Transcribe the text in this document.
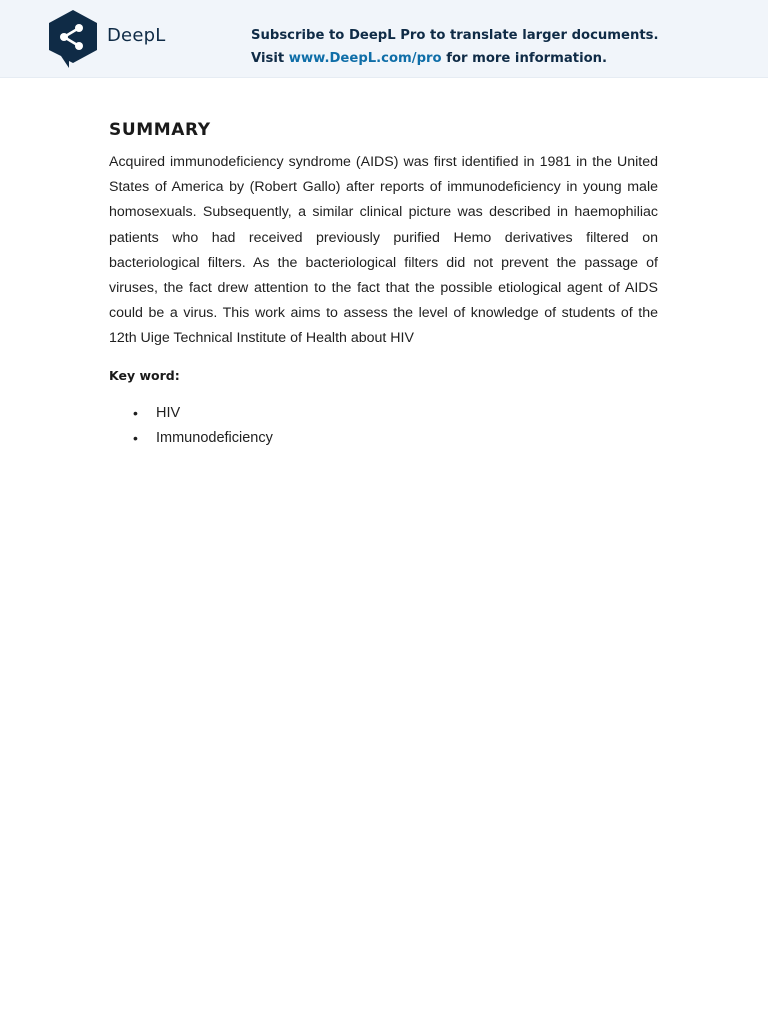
DeepL	Subscribe to DeepL Pro to translate larger documents.
Visit www.DeepL.com/pro for more information.
SUMMARY

Acquired immunodeficiency syndrome (AIDS) was first identified in 1981 in the United States of America by (Robert Gallo) after reports of immunodeficiency in young male homosexuals. Subsequently, a similar clinical picture was described in haemophiliac patients who had received previously purified Hemo derivatives filtered on bacteriological filters. As the bacteriological filters did not prevent the passage of viruses, the fact drew attention to the fact that the possible etiological agent of AIDS could be a virus. This work aims to assess the level of knowledge of students of the 12th Uige Technical Institute of Health about HIV

Key word:
• HIV
• Immunodeficiency
